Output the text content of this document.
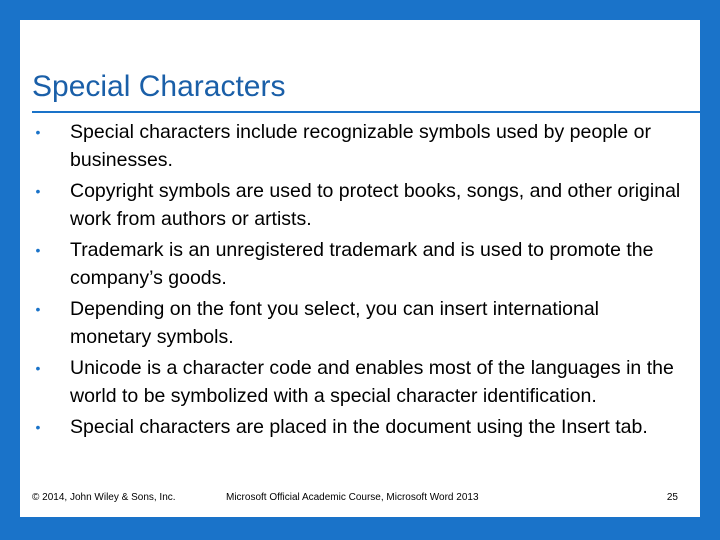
Special Characters
• Special characters include recognizable symbols used by people or businesses.
• Copyright symbols are used to protect books, songs, and other original work from authors or artists.
• Trademark is an unregistered trademark and is used to promote the company’s goods.
• Depending on the font you select, you can insert international monetary symbols.
• Unicode is a character code and enables most of the languages in the world to be symbolized with a special character identification.
• Special characters are placed in the document using the Insert tab.
© 2014, John Wiley & Sons, Inc.	Microsoft Official Academic Course, Microsoft Word 2013	25
